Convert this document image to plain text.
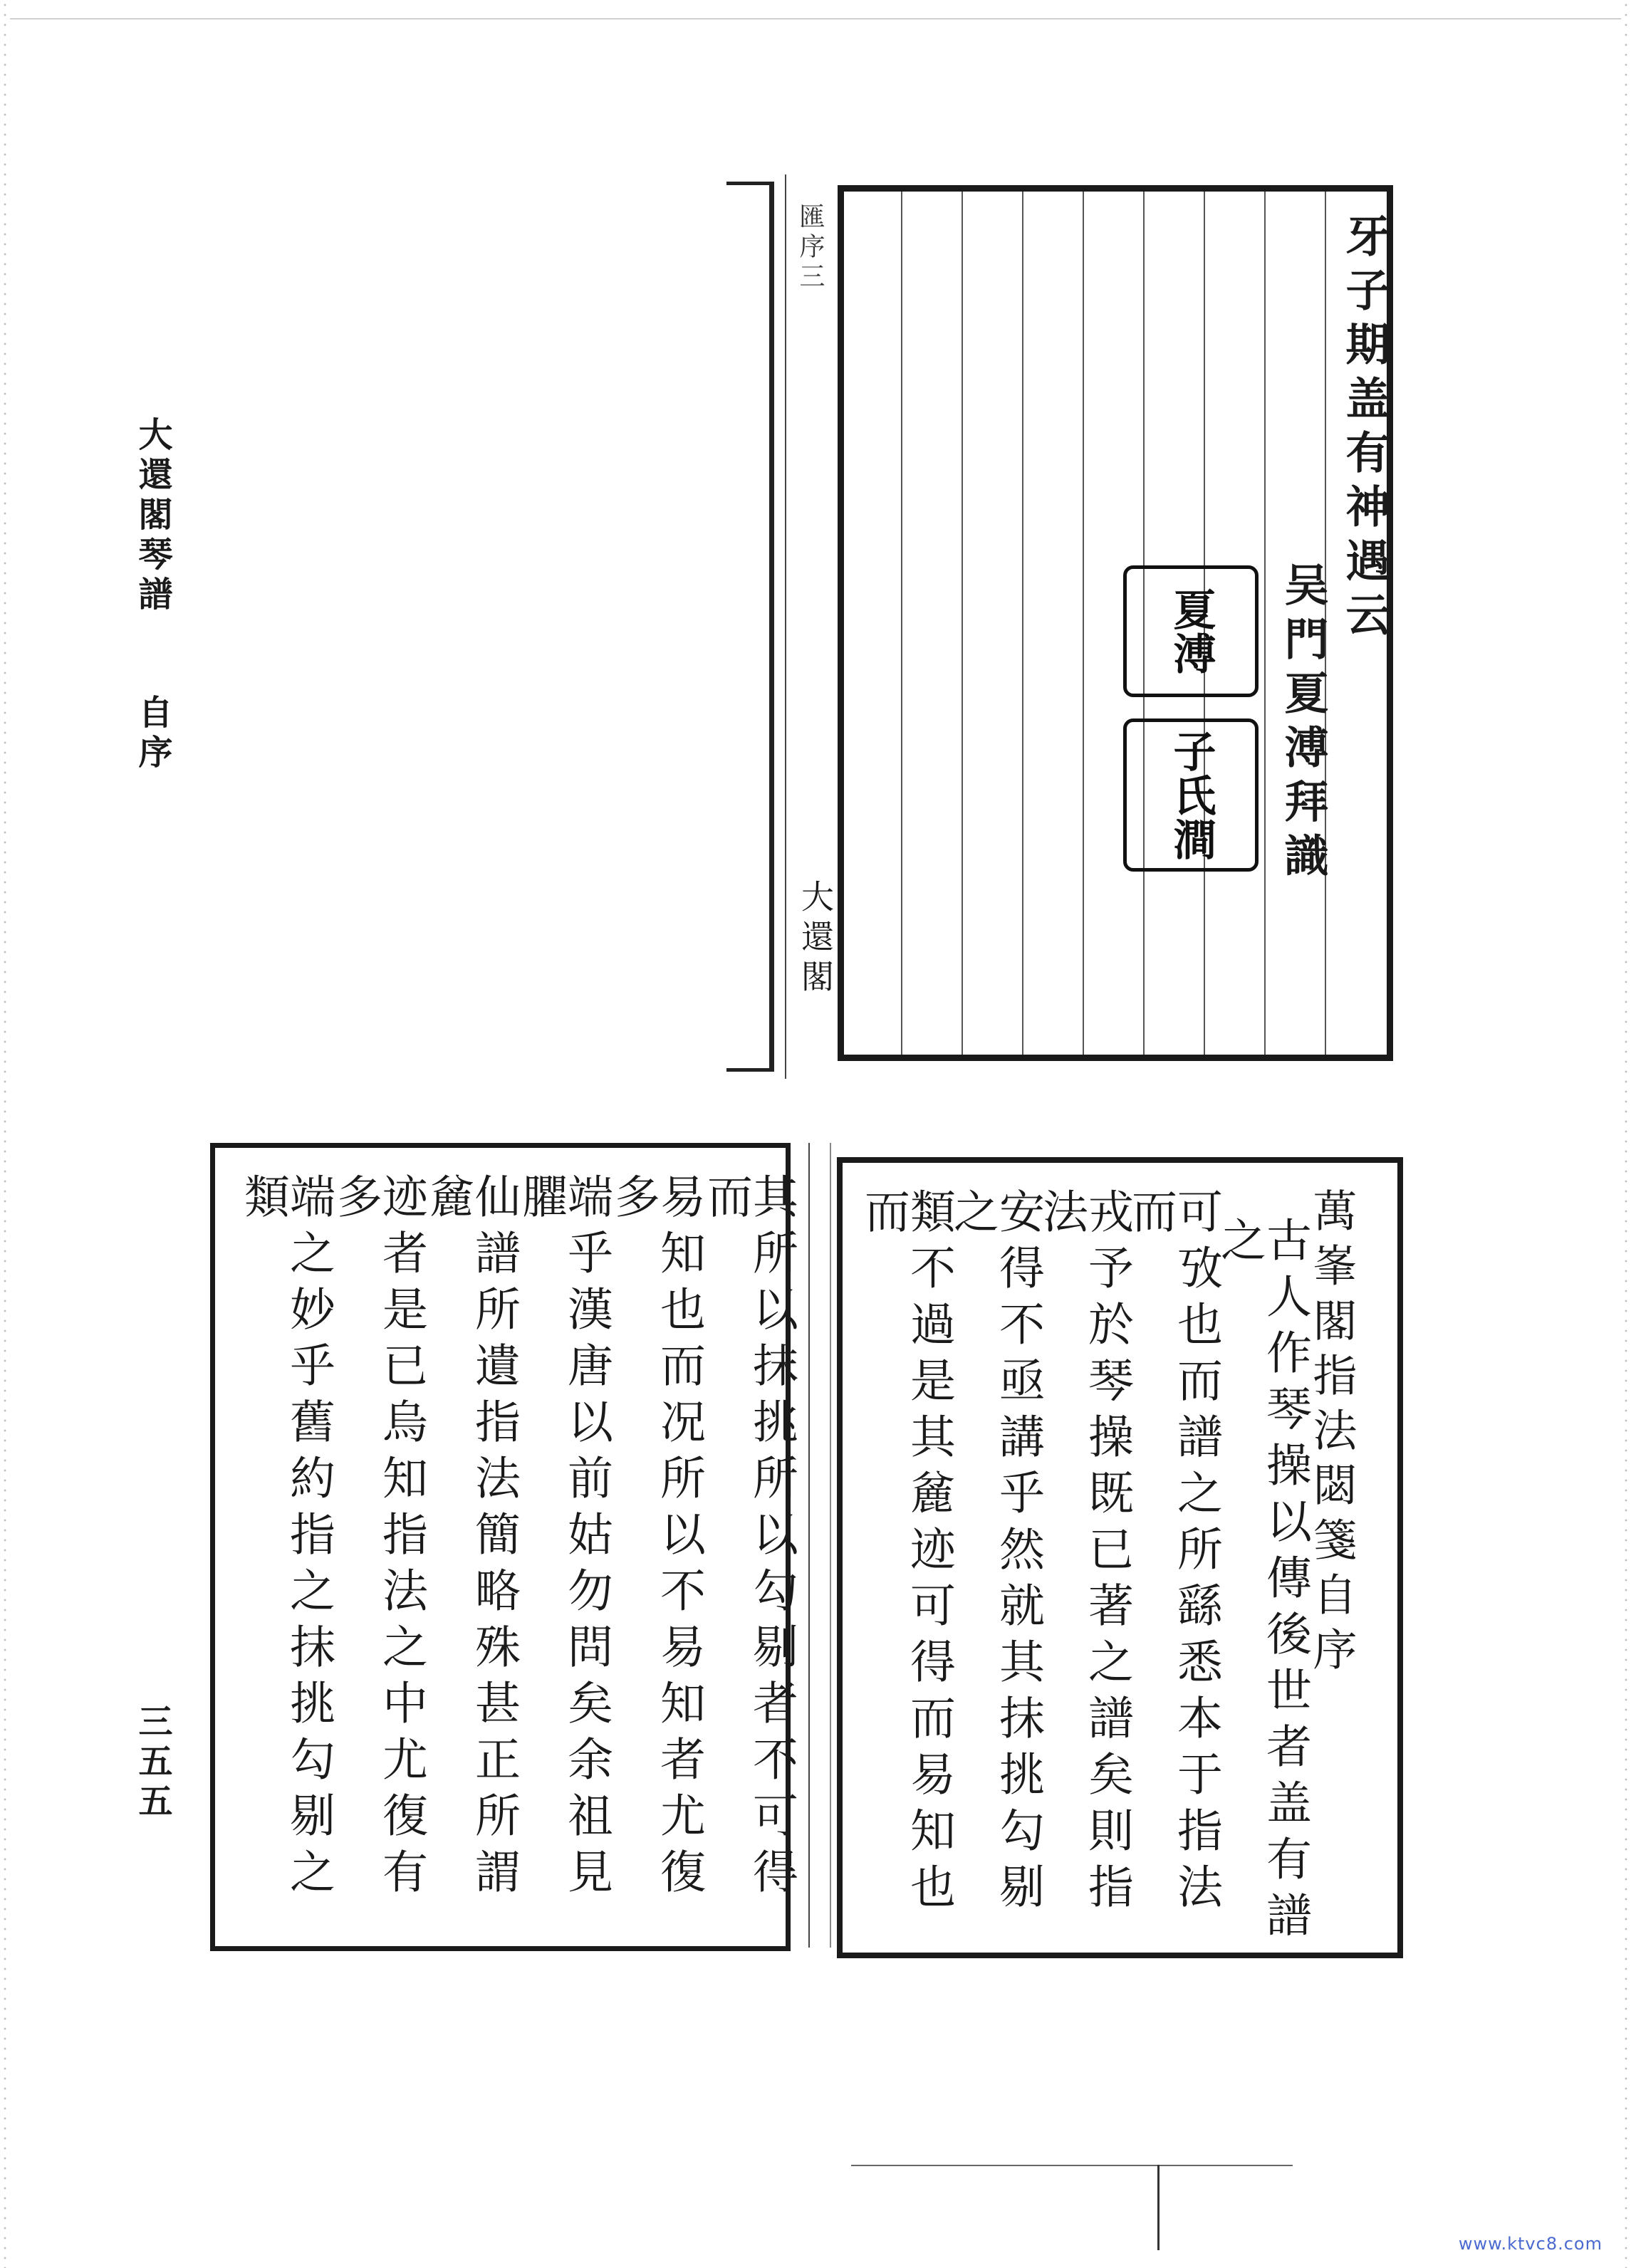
大還閣琴譜自序
三五五
匯序三
大還閣
牙子期盖有神遇云
吴門夏溥拜識
夏溥
子氏澗
其所以抹挑所以勾剔者不可得而
易知也而况所以不易知者尤復多
端乎漢唐以前姑勿問矣余祖見臞
仙譜所遺指法簡略殊甚正所謂麄
迹者是已烏知指法之中尤復有多
端之妙乎舊約指之抹挑勾剔之類	萬峯閣指法閟箋自序
古人作琴操以傳後世者盖有譜之
可攷也而譜之所繇悉本于指法而
戎予於琴操既已著之譜矣則指法
安得不亟講乎然就其抹挑勾剔之
類不過是其麄迹可得而易知也而
www.ktvc8.com
